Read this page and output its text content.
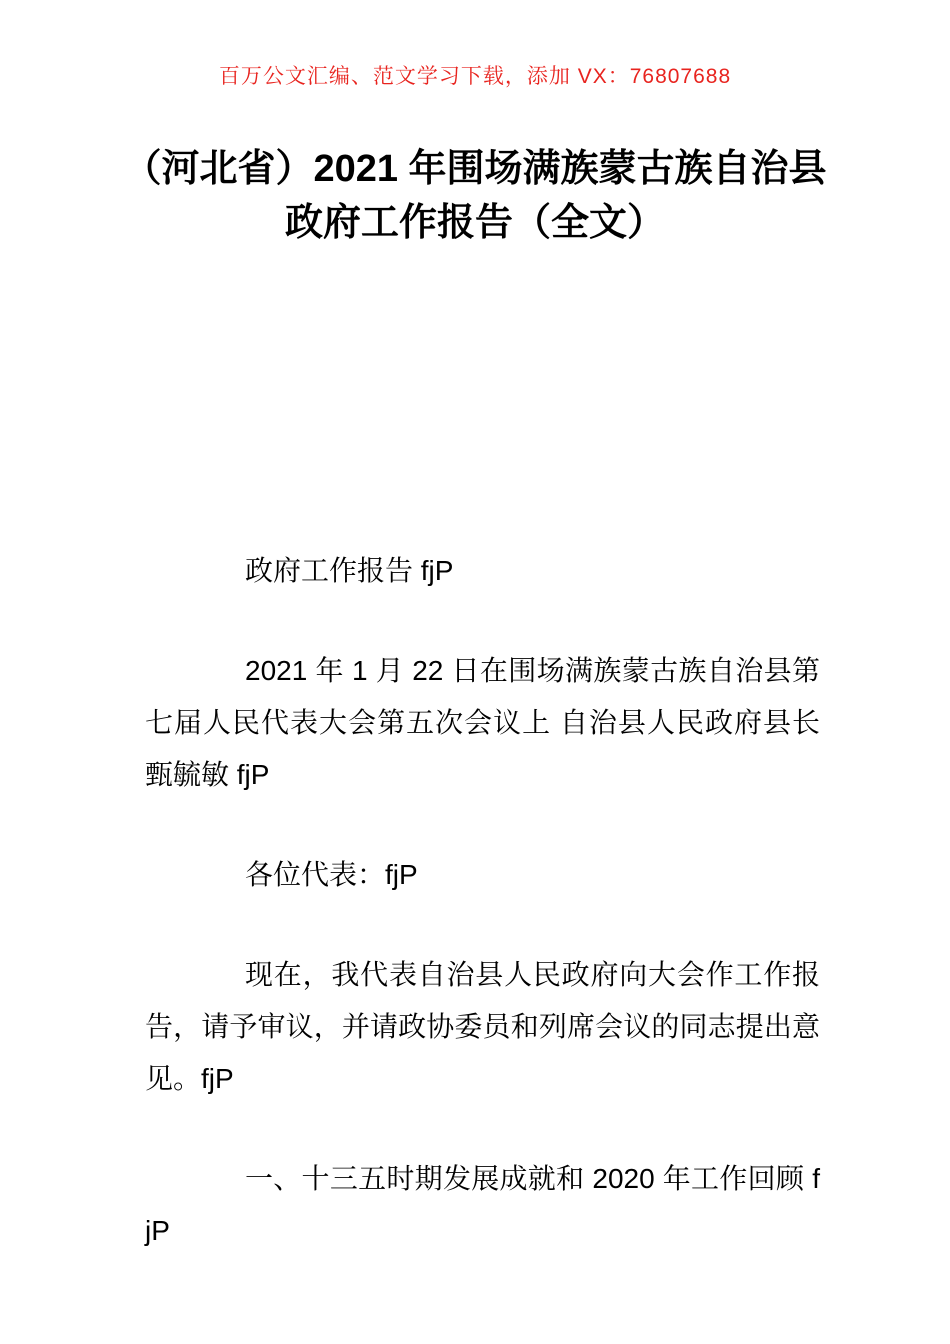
百万公文汇编、范文学习下载，添加 VX：76807688
（河北省）2021 年围场满族蒙古族自治县
政府工作报告（全文）

政府工作报告 fjP

2021 年 1 月 22 日在围场满族蒙古族自治县第七届人民代表大会第五次会议上 自治县人民政府县长甄毓敏 fjP

各位代表：fjP

现在，我代表自治县人民政府向大会作工作报告，请予审议，并请政协委员和列席会议的同志提出意见。fjP

一、十三五时期发展成就和 2020 年工作回顾 fjP
